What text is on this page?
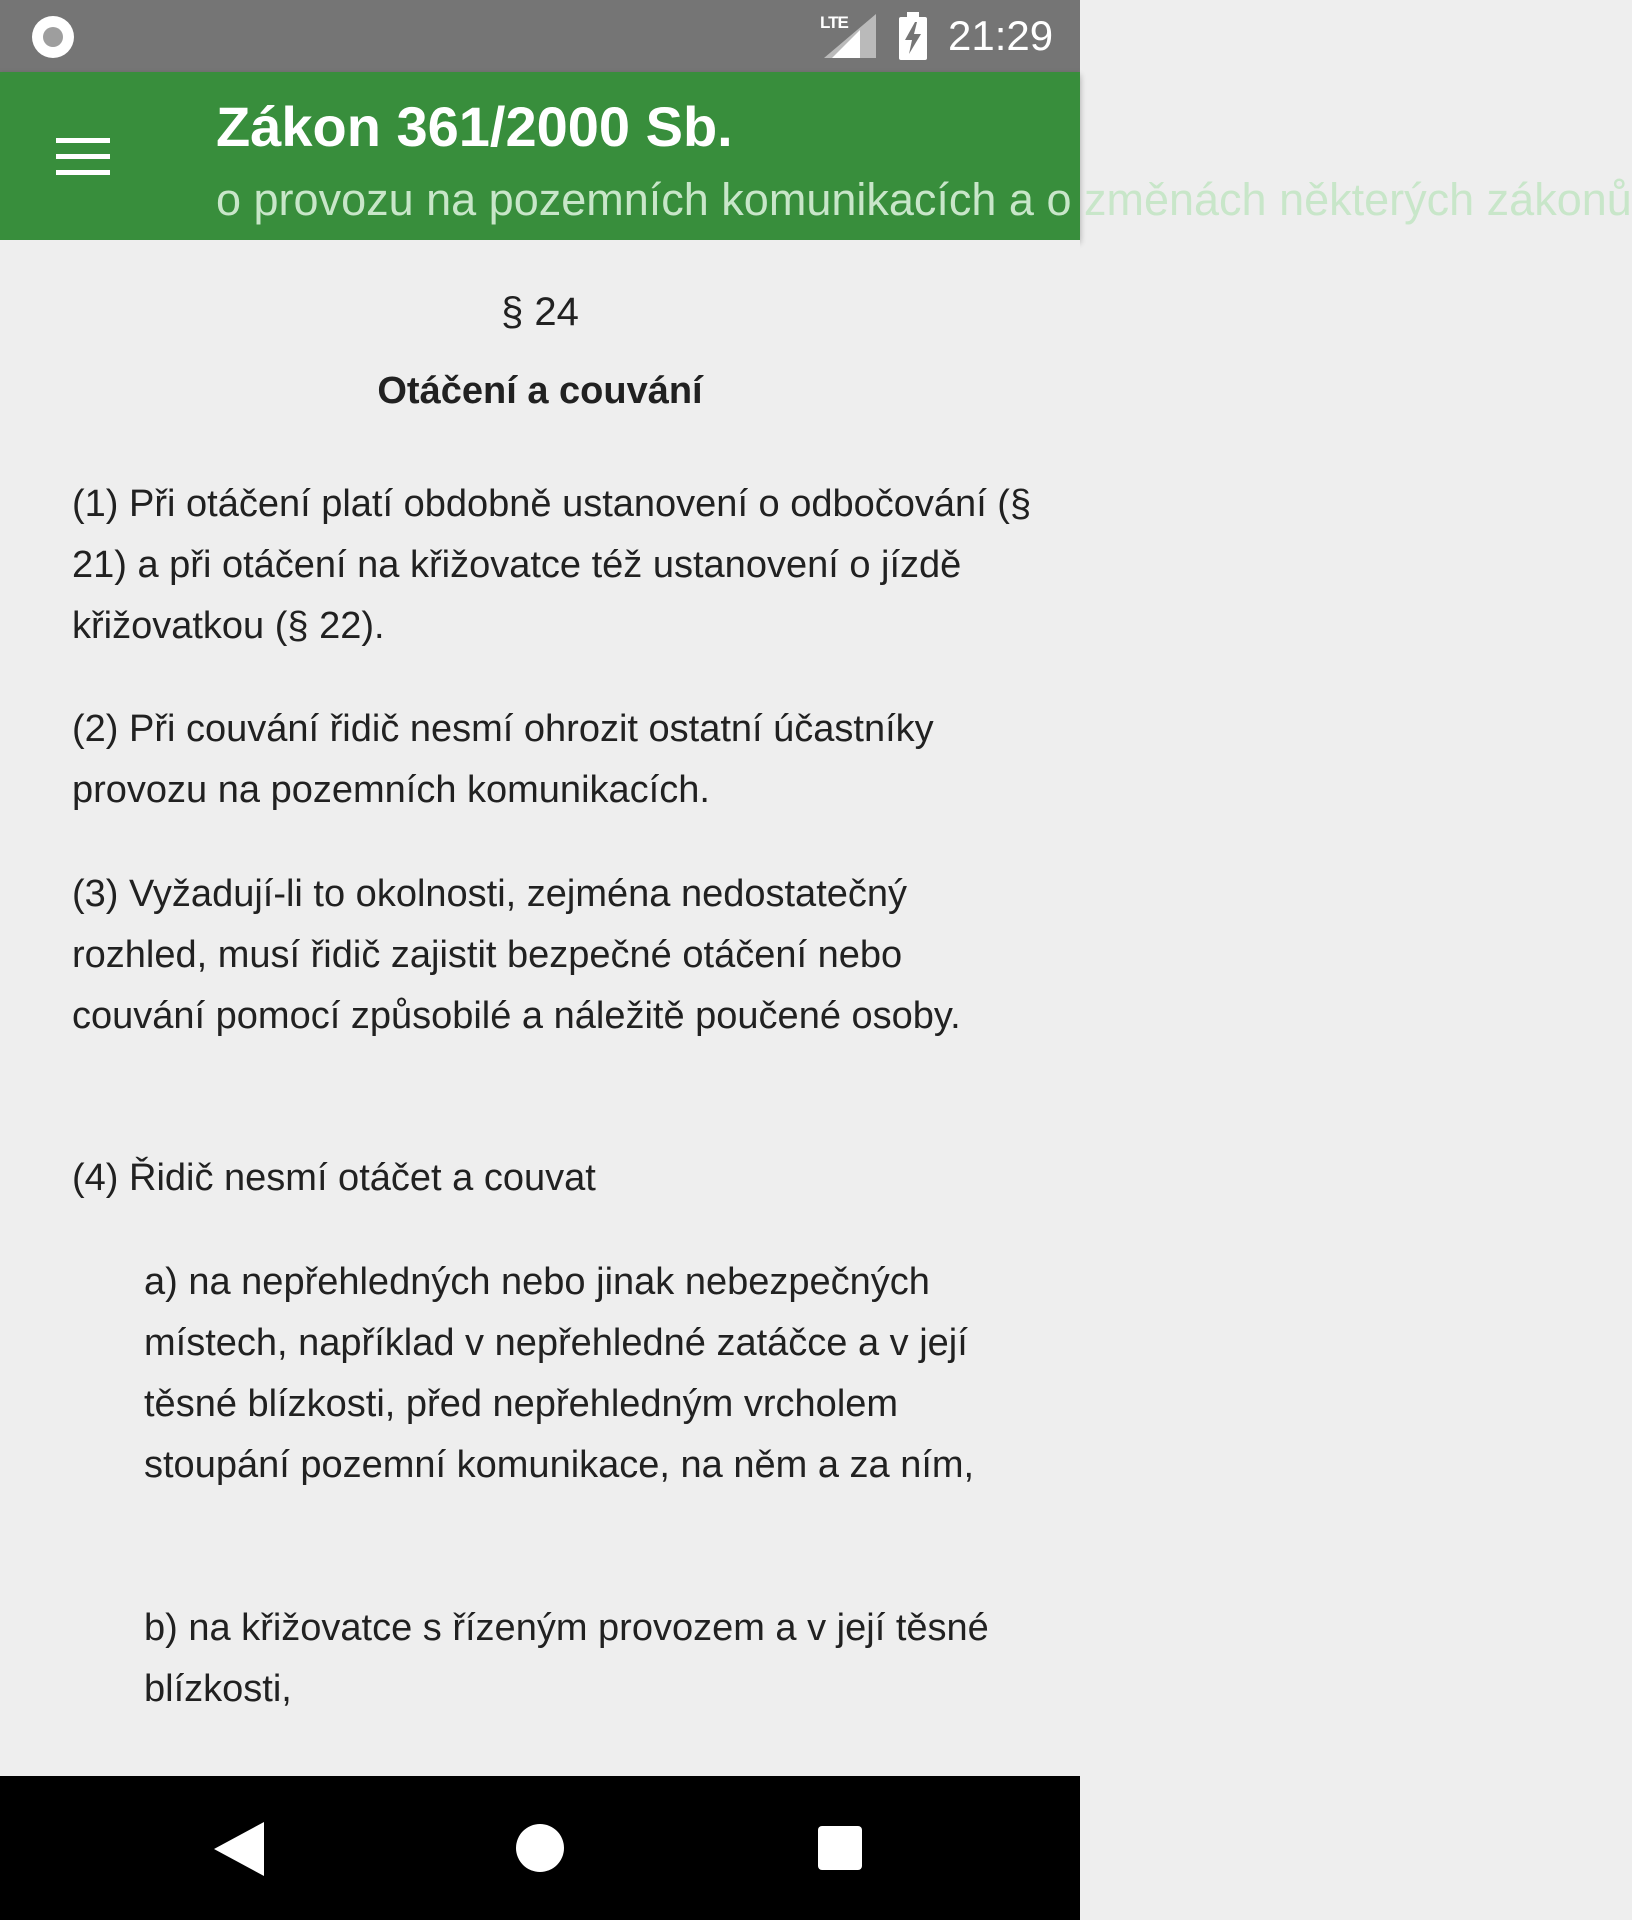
LTE 21:29
Zákon 361/2000 Sb.
o provozu na pozemních komunikacích a o změnách některých zákonů
§ 24
Otáčení a couvání
(1) Při otáčení platí obdobně ustanovení o odbočování (§ 21) a při otáčení na křižovatce též ustanovení o jízdě křižovatkou (§ 22).
(2) Při couvání řidič nesmí ohrozit ostatní účastníky provozu na pozemních komunikacích.
(3) Vyžadují-li to okolnosti, zejména nedostatečný rozhled, musí řidič zajistit bezpečné otáčení nebo couvání pomocí způsobilé a náležitě poučené osoby.
(4) Řidič nesmí otáčet a couvat
a) na nepřehledných nebo jinak nebezpečných místech, například v nepřehledné zatáčce a v její těsné blízkosti, před nepřehledným vrcholem stoupání pozemní komunikace, na něm a za ním,
b) na křižovatce s řízeným provozem a v její těsné blízkosti,
